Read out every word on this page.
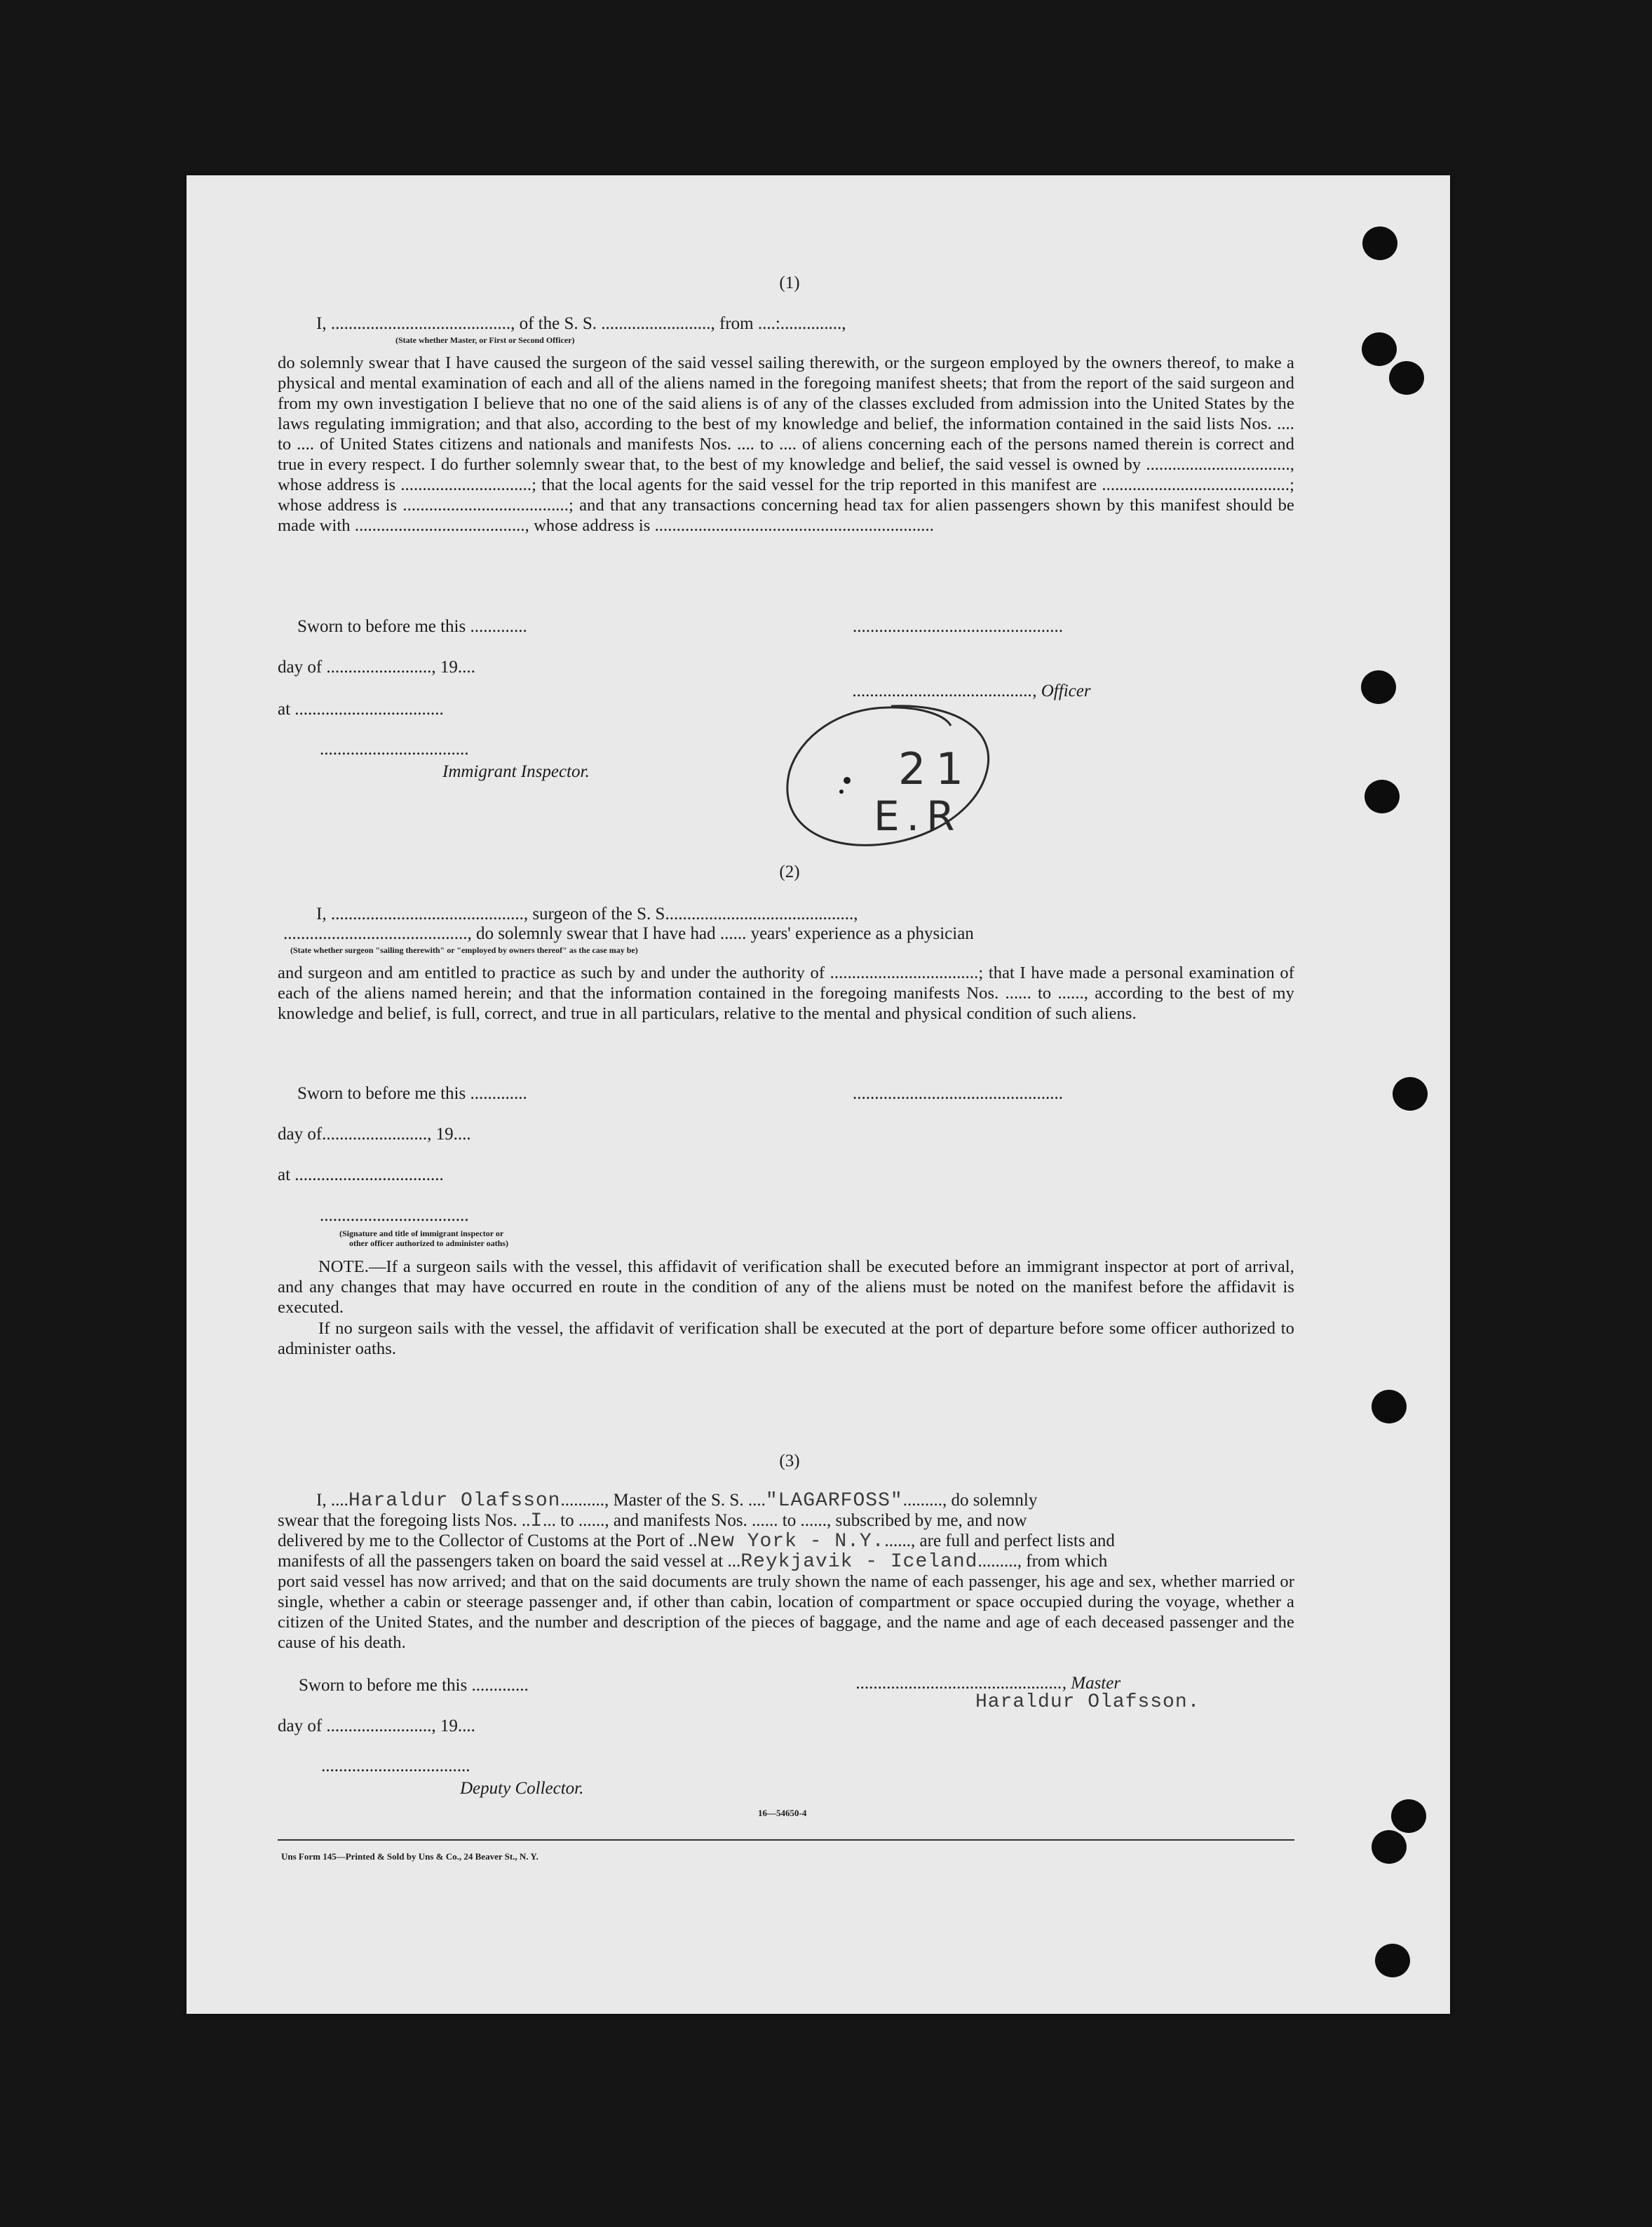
(1)
I, ........................................., of the S. S. ........................., from ....:..............,
(State whether Master, or First or Second Officer)
do solemnly swear that I have caused the surgeon of the said vessel sailing therewith, or the surgeon employed by the owners thereof, to make a physical and mental examination of each and all of the aliens named in the foregoing manifest sheets; that from the report of the said surgeon and from my own investigation I believe that no one of the said aliens is of any of the classes excluded from admission into the United States by the laws regulating immigration; and that also, according to the best of my knowledge and belief, the information contained in the said lists Nos. .... to .... of United States citizens and nationals and manifests Nos. .... to .... of aliens concerning each of the persons named therein is correct and true in every respect. I do further solemnly swear that, to the best of my knowledge and belief, the said vessel is owned by ................................., whose address is ..............................; that the local agents for the said vessel for the trip reported in this manifest are ...........................................; whose address is ......................................; and that any transactions concerning head tax for alien passengers shown by this manifest should be made with ......................................., whose address is ................................................................
Sworn to before me this .............	................................................
day of ........................, 19....
........................................., Officer
at ..................................
..................................
Immigrant Inspector.	21
E.R
(2)
I, ............................................, surgeon of the S. S...........................................,
.........................................., do solemnly swear that I have had ...... years' experience as a physician
(State whether surgeon "sailing therewith" or "employed by owners thereof" as the case may be)
and surgeon and am entitled to practice as such by and under the authority of ..................................; that I have made a personal examination of each of the aliens named herein; and that the information contained in the foregoing manifests Nos. ...... to ......, according to the best of my knowledge and belief, is full, correct, and true in all particulars, relative to the mental and physical condition of such aliens.
Sworn to before me this .............	................................................
day of........................, 19....
at ..................................
..................................
(Signature and title of immigrant inspector or
other officer authorized to administer oaths)
NOTE.—If a surgeon sails with the vessel, this affidavit of verification shall be executed before an immigrant inspector at port of arrival, and any changes that may have occurred en route in the condition of any of the aliens must be noted on the manifest before the affidavit is executed.
If no surgeon sails with the vessel, the affidavit of verification shall be executed at the port of departure before some officer authorized to administer oaths.
(3)
I, ....Haraldur Olafsson.........., Master of the S. S. ...."LAGARFOSS"........., do solemnly
swear that the foregoing lists Nos. ..I... to ......, and manifests Nos. ...... to ......, subscribed by me, and now
delivered by me to the Collector of Customs at the Port of ..New York - N.Y......., are full and perfect lists and
manifests of all the passengers taken on board the said vessel at ...Reykjavik - Iceland........., from which
port said vessel has now arrived; and that on the said documents are truly shown the name of each passenger, his age and sex, whether married or single, whether a cabin or steerage passenger and, if other than cabin, location of compartment or space occupied during the voyage, whether a citizen of the United States, and the number and description of the pieces of baggage, and the name and age of each deceased passenger and the cause of his death.
Sworn to before me this .............	..............................................., Master
Haraldur Olafsson.
day of ........................, 19....
..................................
Deputy Collector.
16—54650-4
Uns Form 145—Printed & Sold by Uns & Co., 24 Beaver St., N. Y.
